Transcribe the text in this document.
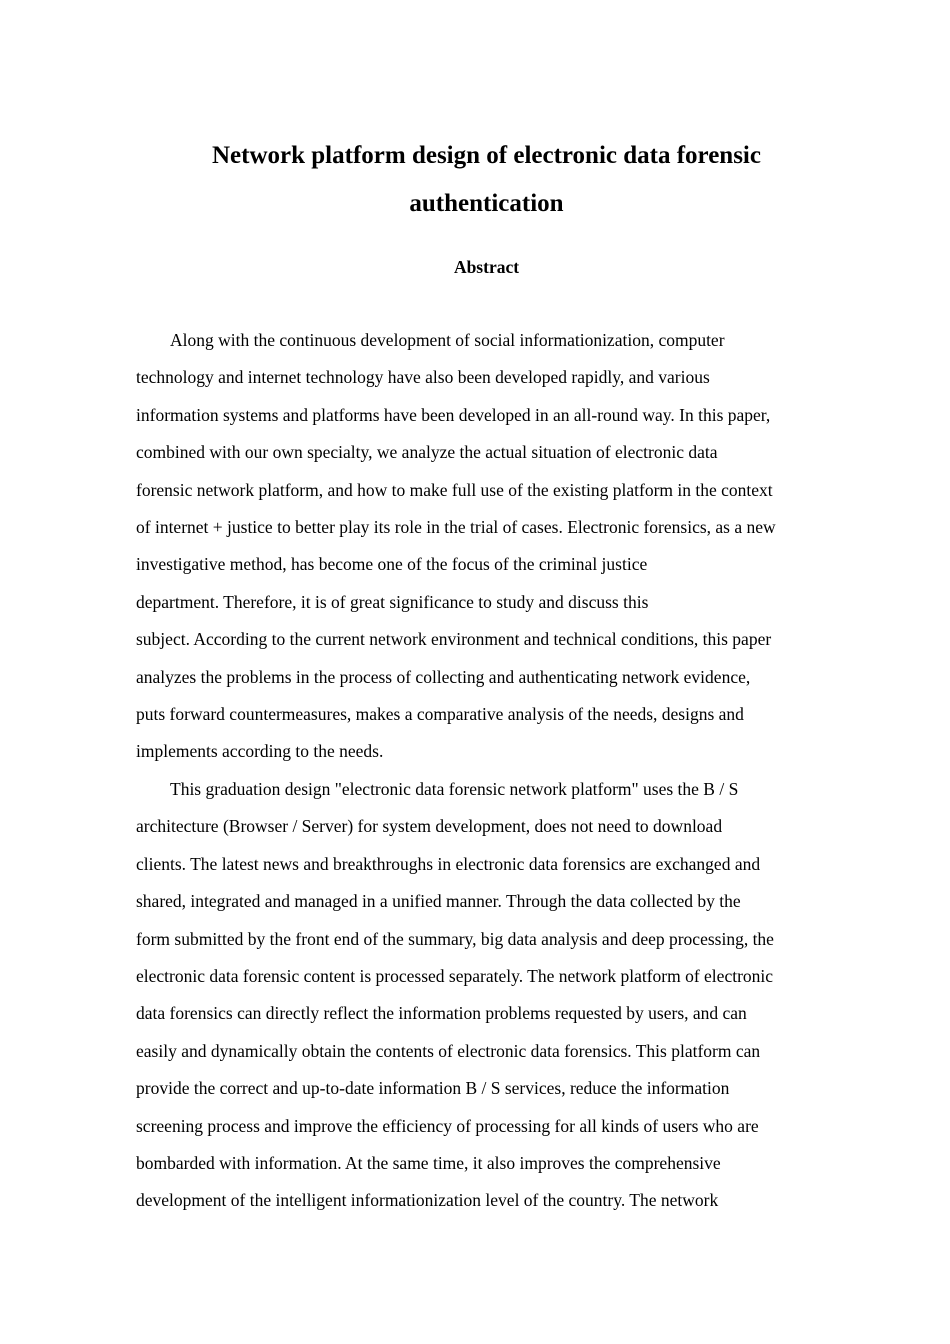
Network platform design of electronic data forensic
authentication
Abstract
Along with the continuous development of social informationization, computer
technology and internet technology have also been developed rapidly, and various
information systems and platforms have been developed in an all-round way. In this paper,
combined with our own specialty, we analyze the actual situation of electronic data
forensic network platform, and how to make full use of the existing platform in the context
of internet + justice to better play its role in the trial of cases. Electronic forensics, as a new
investigative method, has become one of the focus of the criminal justice
department. Therefore, it is of great significance to study and discuss this
subject. According to the current network environment and technical conditions, this paper
analyzes the problems in the process of collecting and authenticating network evidence,
puts forward countermeasures, makes a comparative analysis of the needs, designs and
implements according to the needs.
This graduation design "electronic data forensic network platform" uses the B / S
architecture (Browser / Server) for system development, does not need to download
clients. The latest news and breakthroughs in electronic data forensics are exchanged and
shared, integrated and managed in a unified manner. Through the data collected by the
form submitted by the front end of the summary, big data analysis and deep processing, the
electronic data forensic content is processed separately. The network platform of electronic
data forensics can directly reflect the information problems requested by users, and can
easily and dynamically obtain the contents of electronic data forensics. This platform can
provide the correct and up-to-date information B / S services, reduce the information
screening process and improve the efficiency of processing for all kinds of users who are
bombarded with information. At the same time, it also improves the comprehensive
development of the intelligent informationization level of the country. The network
